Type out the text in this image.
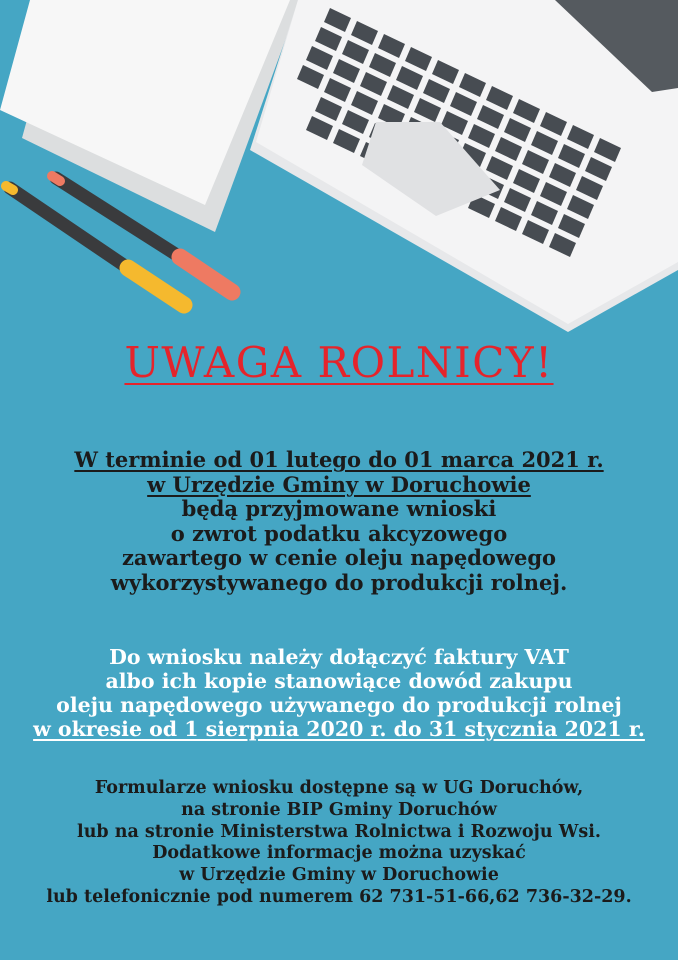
UWAGA ROLNICY!
W terminie od 01 lutego do 01 marca 2021 r.
w Urzędzie Gminy w Doruchowie
będą przyjmowane wnioski
o zwrot podatku akcyzowego
zawartego w cenie oleju napędowego
wykorzystywanego do produkcji rolnej.
Do wniosku należy dołączyć faktury VAT
albo ich kopie stanowiące dowód zakupu
oleju napędowego używanego do produkcji rolnej
w okresie od 1 sierpnia 2020 r. do 31 stycznia 2021 r.
Formularze wniosku dostępne są w UG Doruchów,
na stronie BIP Gminy Doruchów
lub na stronie Ministerstwa Rolnictwa i Rozwoju Wsi.
Dodatkowe informacje można uzyskać
w Urzędzie Gminy w Doruchowie
lub telefonicznie pod numerem 62 731-51-66,62 736-32-29.
